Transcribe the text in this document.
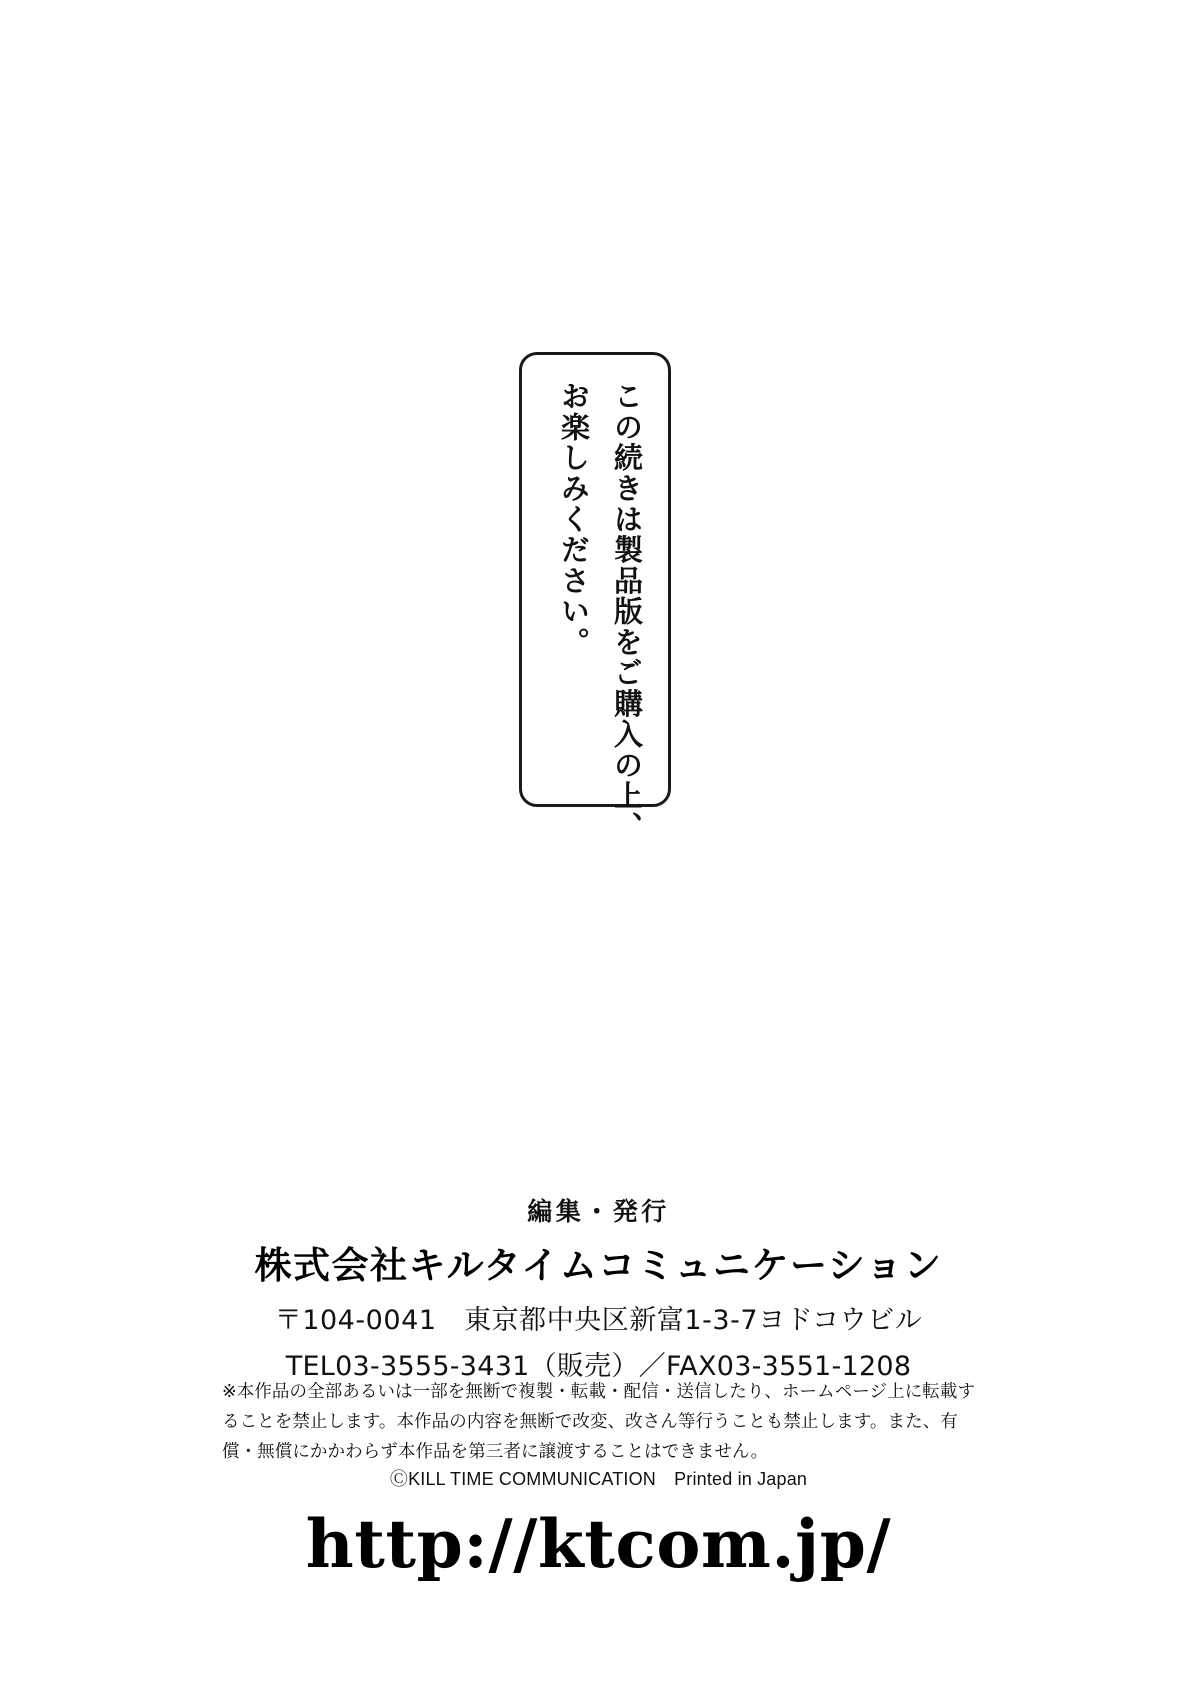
この続きは製品版をご購入の上、
お楽しみください。
編集・発行
株式会社キルタイムコミュニケーション
〒104-0041　東京都中央区新富1-3-7ヨドコウビル
TEL03-3555-3431（販売）／FAX03-3551-1208
※本作品の全部あるいは一部を無断で複製・転載・配信・送信したり、ホームページ上に転載することを禁止します。本作品の内容を無断で改変、改さん等行うことも禁止します。また、有償・無償にかかわらず本作品を第三者に譲渡することはできません。
ⒸKILL TIME COMMUNICATION　Printed in Japan
http://ktcom.jp/
